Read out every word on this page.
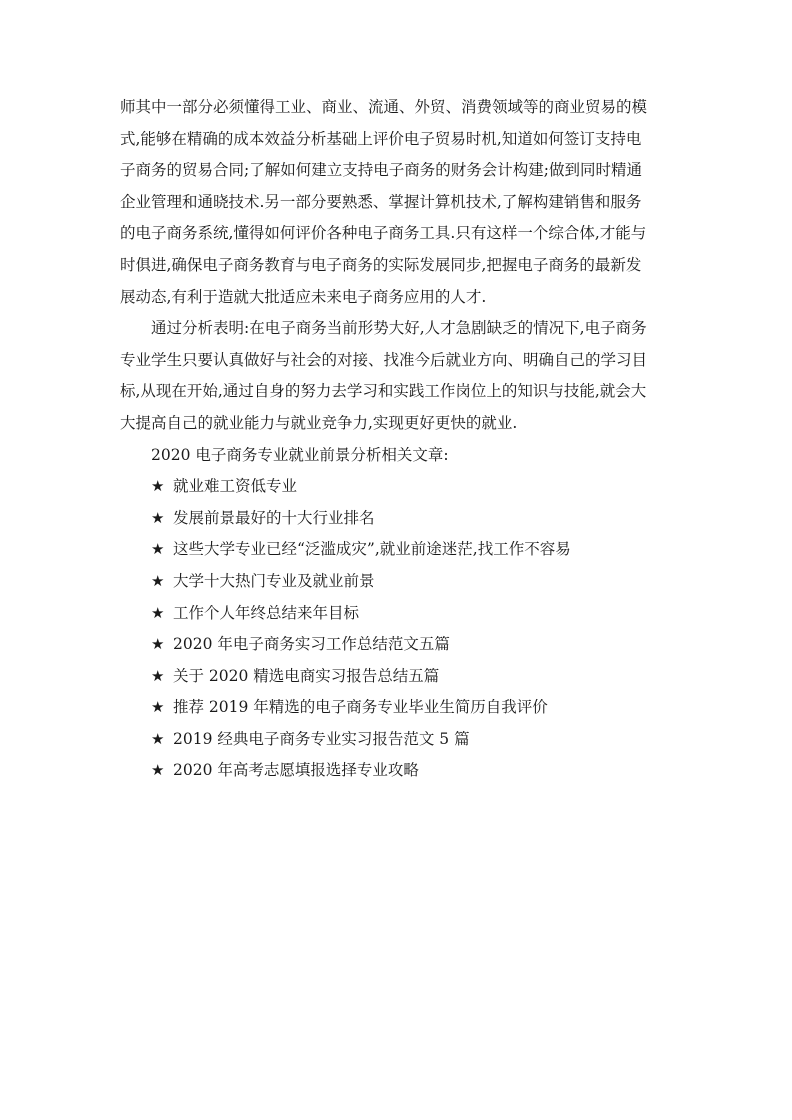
师其中一部分必须懂得工业、商业、流通、外贸、消费领域等的商业贸易的模
式,能够在精确的成本效益分析基础上评价电子贸易时机,知道如何签订支持电
子商务的贸易合同;了解如何建立支持电子商务的财务会计构建;做到同时精通
企业管理和通晓技术.另一部分要熟悉、掌握计算机技术,了解构建销售和服务
的电子商务系统,懂得如何评价各种电子商务工具.只有这样一个综合体,才能与
时俱进,确保电子商务教育与电子商务的实际发展同步,把握电子商务的最新发
展动态,有利于造就大批适应未来电子商务应用的人才.

通过分析表明:在电子商务当前形势大好,人才急剧缺乏的情况下,电子商务
专业学生只要认真做好与社会的对接、找准今后就业方向、明确自己的学习目
标,从现在开始,通过自身的努力去学习和实践工作岗位上的知识与技能,就会大
大提高自己的就业能力与就业竞争力,实现更好更快的就业.

2020 电子商务专业就业前景分析相关文章:

★ 就业难工资低专业
★ 发展前景最好的十大行业排名
★ 这些大学专业已经“泛滥成灾”,就业前途迷茫,找工作不容易
★ 大学十大热门专业及就业前景
★ 工作个人年终总结来年目标
★ 2020 年电子商务实习工作总结范文五篇
★ 关于 2020 精选电商实习报告总结五篇
★ 推荐 2019 年精选的电子商务专业毕业生简历自我评价
★ 2019 经典电子商务专业实习报告范文 5 篇
★ 2020 年高考志愿填报选择专业攻略
